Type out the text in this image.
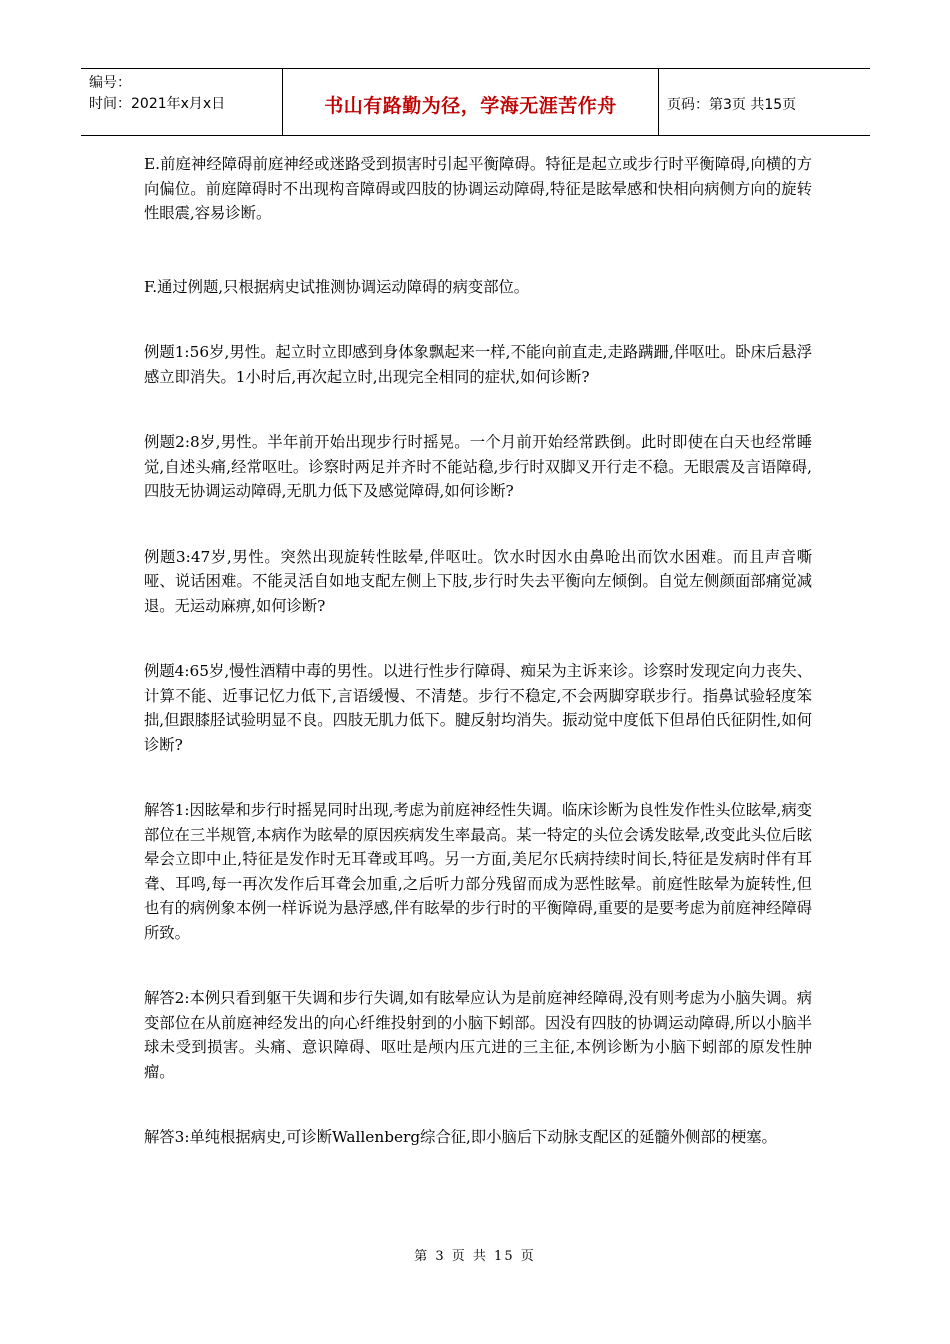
编号：
时间：2021年x月x日	书山有路勤为径，学海无涯苦作舟	页码：第3页 共15页

E.前庭神经障碍前庭神经或迷路受到损害时引起平衡障碍。特征是起立或步行时平衡障碍,向横的方向偏位。前庭障碍时不出现构音障碍或四肢的协调运动障碍,特征是眩晕感和快相向病侧方向的旋转性眼震,容易诊断。

F.通过例题,只根据病史试推测协调运动障碍的病变部位。

例题1:56岁,男性。起立时立即感到身体象飘起来一样,不能向前直走,走路蹒跚,伴呕吐。卧床后悬浮感立即消失。1小时后,再次起立时,出现完全相同的症状,如何诊断?

例题2:8岁,男性。半年前开始出现步行时摇晃。一个月前开始经常跌倒。此时即使在白天也经常睡觉,自述头痛,经常呕吐。诊察时两足并齐时不能站稳,步行时双脚叉开行走不稳。无眼震及言语障碍,四肢无协调运动障碍,无肌力低下及感觉障碍,如何诊断?

例题3:47岁,男性。突然出现旋转性眩晕,伴呕吐。饮水时因水由鼻呛出而饮水困难。而且声音嘶哑、说话困难。不能灵活自如地支配左侧上下肢,步行时失去平衡向左倾倒。自觉左侧颜面部痛觉减退。无运动麻痹,如何诊断?

例题4:65岁,慢性酒精中毒的男性。以进行性步行障碍、痴呆为主诉来诊。诊察时发现定向力丧失、计算不能、近事记忆力低下,言语缓慢、不清楚。步行不稳定,不会两脚穿联步行。指鼻试验轻度笨拙,但跟膝胫试验明显不良。四肢无肌力低下。腱反射均消失。振动觉中度低下但昂伯氏征阴性,如何诊断?

解答1:因眩晕和步行时摇晃同时出现,考虑为前庭神经性失调。临床诊断为良性发作性头位眩晕,病变部位在三半规管,本病作为眩晕的原因疾病发生率最高。某一特定的头位会诱发眩晕,改变此头位后眩晕会立即中止,特征是发作时无耳聋或耳鸣。另一方面,美尼尔氏病持续时间长,特征是发病时伴有耳聋、耳鸣,每一再次发作后耳聋会加重,之后听力部分残留而成为恶性眩晕。前庭性眩晕为旋转性,但也有的病例象本例一样诉说为悬浮感,伴有眩晕的步行时的平衡障碍,重要的是要考虑为前庭神经障碍所致。

解答2:本例只看到躯干失调和步行失调,如有眩晕应认为是前庭神经障碍,没有则考虑为小脑失调。病变部位在从前庭神经发出的向心纤维投射到的小脑下蚓部。因没有四肢的协调运动障碍,所以小脑半球未受到损害。头痛、意识障碍、呕吐是颅内压亢进的三主征,本例诊断为小脑下蚓部的原发性肿瘤。

解答3:单纯根据病史,可诊断Wallenberg综合征,即小脑后下动脉支配区的延髓外侧部的梗塞。

第 3 页 共 15 页
